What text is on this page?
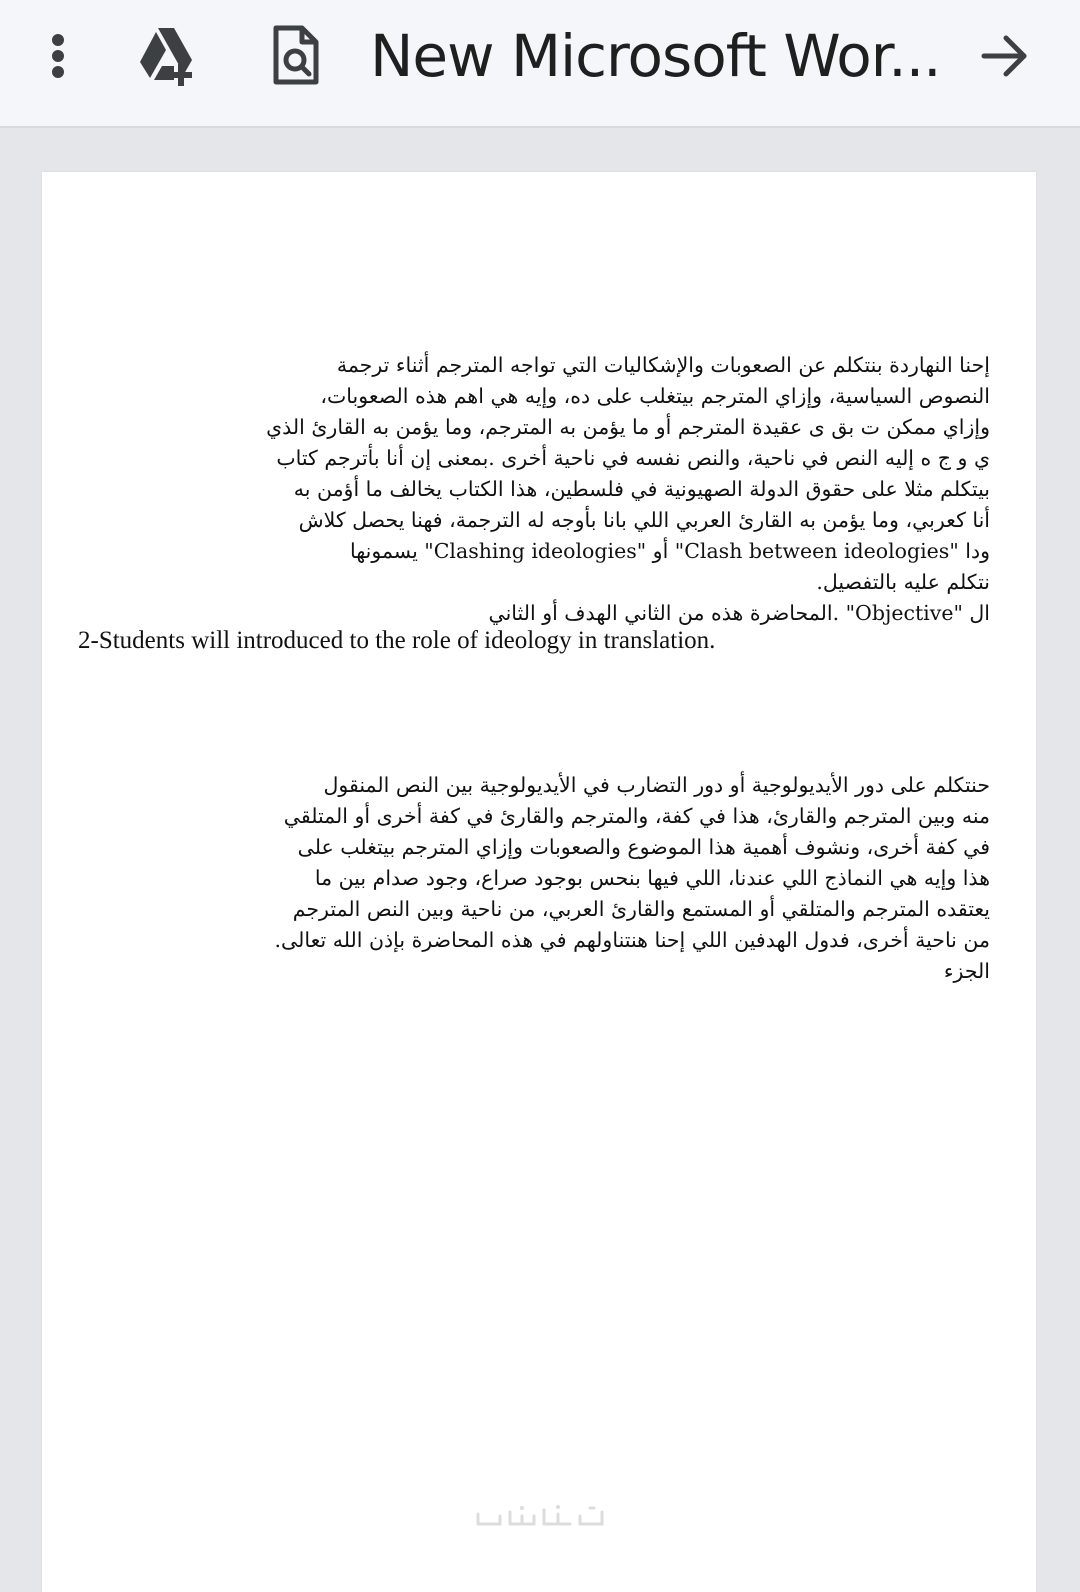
New Microsoft Wor...
إحنا النهاردة بنتكلم عن الصعوبات والإشكاليات التي تواجه المترجم أثناء ترجمة
النصوص السياسية، وإزاي المترجم بيتغلب على ده، وإيه هي اهم هذه الصعوبات،
وإزاي ممكن ت بق ى عقيدة المترجم أو ما يؤمن به المترجم، وما يؤمن به القارئ الذي
ي و ج ه إليه النص في ناحية، والنص نفسه في ناحية أخرى .بمعنى إن أنا بأترجم كتاب
بيتكلم مثلا على حقوق الدولة الصهيونية في فلسطين، هذا الكتاب يخالف ما أؤمن به
أنا كعربي، وما يؤمن به القارئ العربي اللي بانا بأوجه له الترجمة، فهنا يحصل كلاش
ودا "Clash between ideologies" أو "Clashing ideologies" يسمونها
نتكلم عليه بالتفصيل.
ال "Objective" .المحاضرة هذه من الثاني الهدف أو الثاني
2-Students will introduced to the role of ideology in translation.
حنتكلم على دور الأيديولوجية أو دور التضارب في الأيديولوجية بين النص المنقول
منه وبين المترجم والقارئ، هذا في كفة، والمترجم والقارئ في كفة أخرى أو المتلقي
في كفة أخرى، ونشوف أهمية هذا الموضوع والصعوبات وإزاي المترجم بيتغلب على
هذا وإيه هي النماذج اللي عندنا، اللي فيها بنحس بوجود صراع، وجود صدام بين ما
يعتقده المترجم والمتلقي أو المستمع والقارئ العربي، من ناحية وبين النص المترجم
من ناحية أخرى، فدول الهدفين اللي إحنا هنتناولهم في هذه المحاضرة بإذن الله تعالى.
الجزء
